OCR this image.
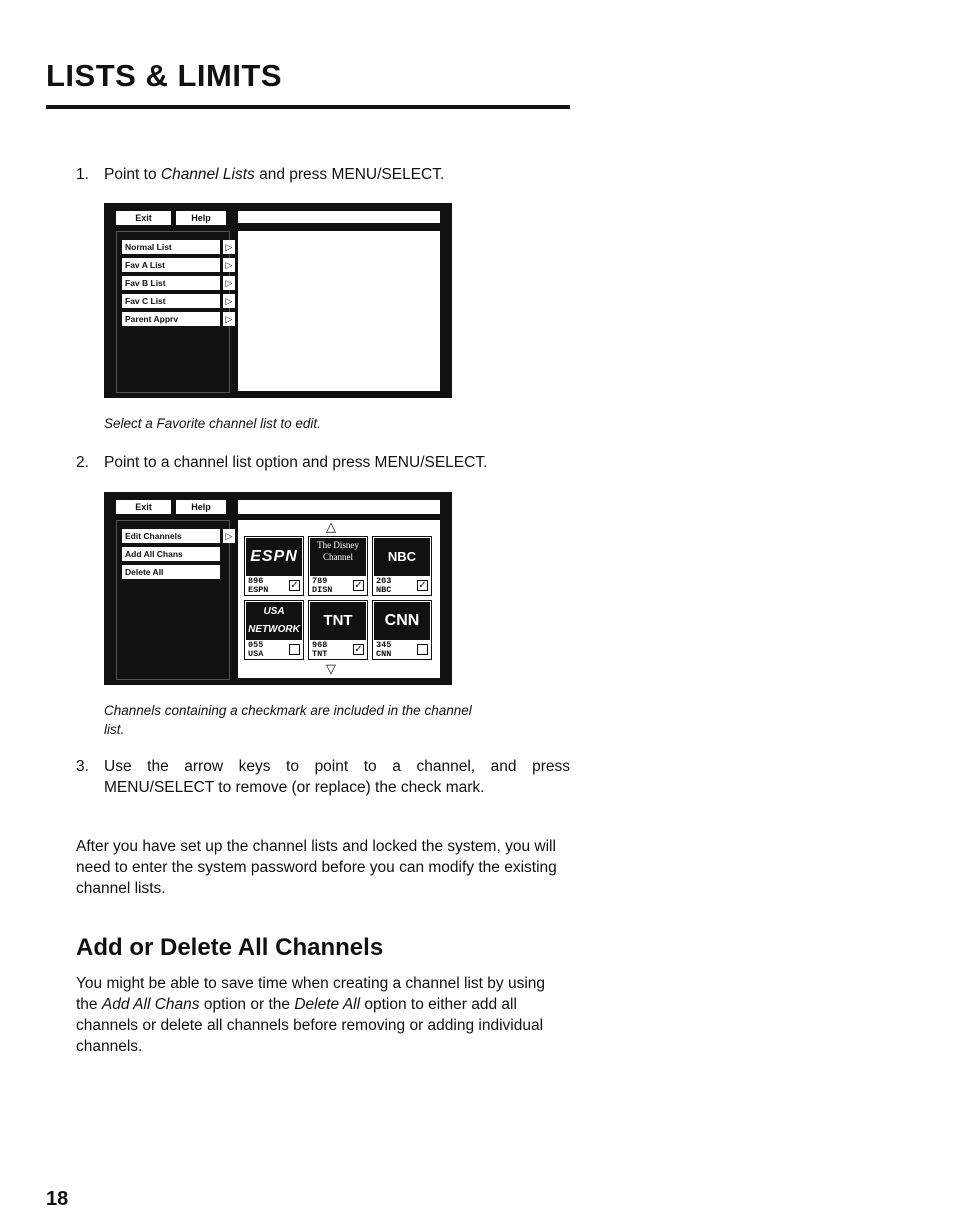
LISTS & LIMITS
1. Point to Channel Lists and press MENU/SELECT.
Exit	Help
Normal List	▷
Fav A List	▷
Fav B List	▷
Fav C List	▷
Parent Apprv	▷
Select a Favorite channel list to edit.
2. Point to a channel list option and press MENU/SELECT.
Exit	Help
Edit Channels	▷
Add All Chans
Delete All
△
ESPN
896
ESPN ✓
The Disney Channel
789
DISN ✓
NBC
203
NBC	✓
USA NETWORK
055
USA
TNT
968
TNT	✓
CNN
345
CNN
▽
Channels containing a checkmark are included in the channel list.
3. Use the arrow keys to point to a channel, and press MENU/SELECT to remove (or replace) the check mark.
After you have set up the channel lists and locked the system, you will need to enter the system password before you can modify the existing channel lists.
Add or Delete All Channels
You might be able to save time when creating a channel list by using the Add All Chans option or the Delete All option to either add all channels or delete all channels before removing or adding individual channels.
18
